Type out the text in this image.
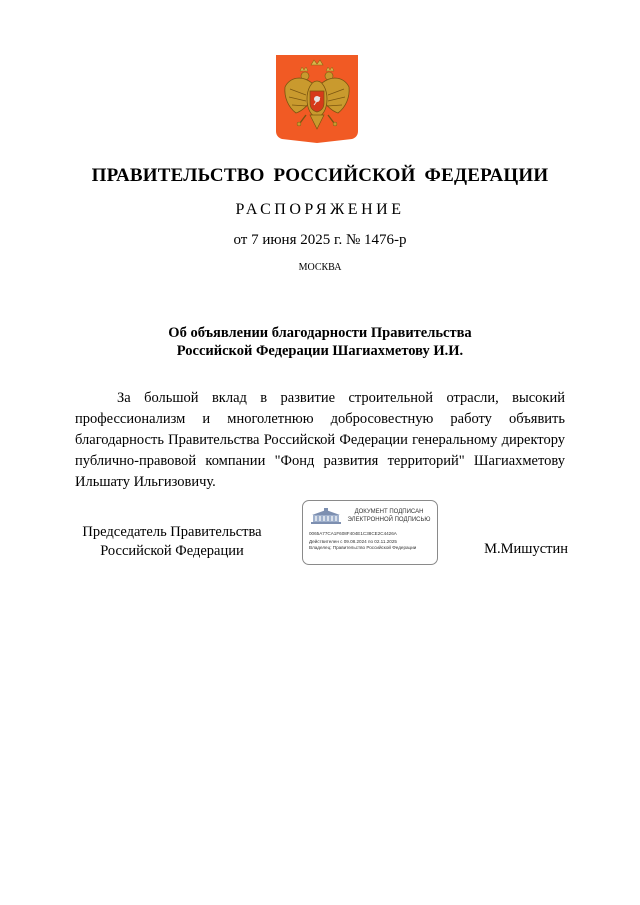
ПРАВИТЕЛЬСТВО РОССИЙСКОЙ ФЕДЕРАЦИИ
РАСПОРЯЖЕНИЕ
от 7 июня 2025 г. № 1476-р
МОСКВА
Об объявлении благодарности Правительства
Российской Федерации Шагиахметову И.И.

За большой вклад в развитие строительной отрасли, высокий профессионализм и многолетнюю добросовестную работу объявить благодарность Правительства Российской Федерации генеральному директору публично-правовой компании "Фонд развития территорий" Шагиахметову Ильшату Ильгизовичу.

Председатель Правительства
Российской Федерации
ДОКУМЕНТ ПОДПИСАН
ЭЛЕКТРОННОЙ ПОДПИСЬЮ
0065A77CA1F608F404E1C38CE2C4426A
Действителен с 09.08.2024 по 02.11.2025
Владелец: Правительство Российской Федерации	М.Мишустин
